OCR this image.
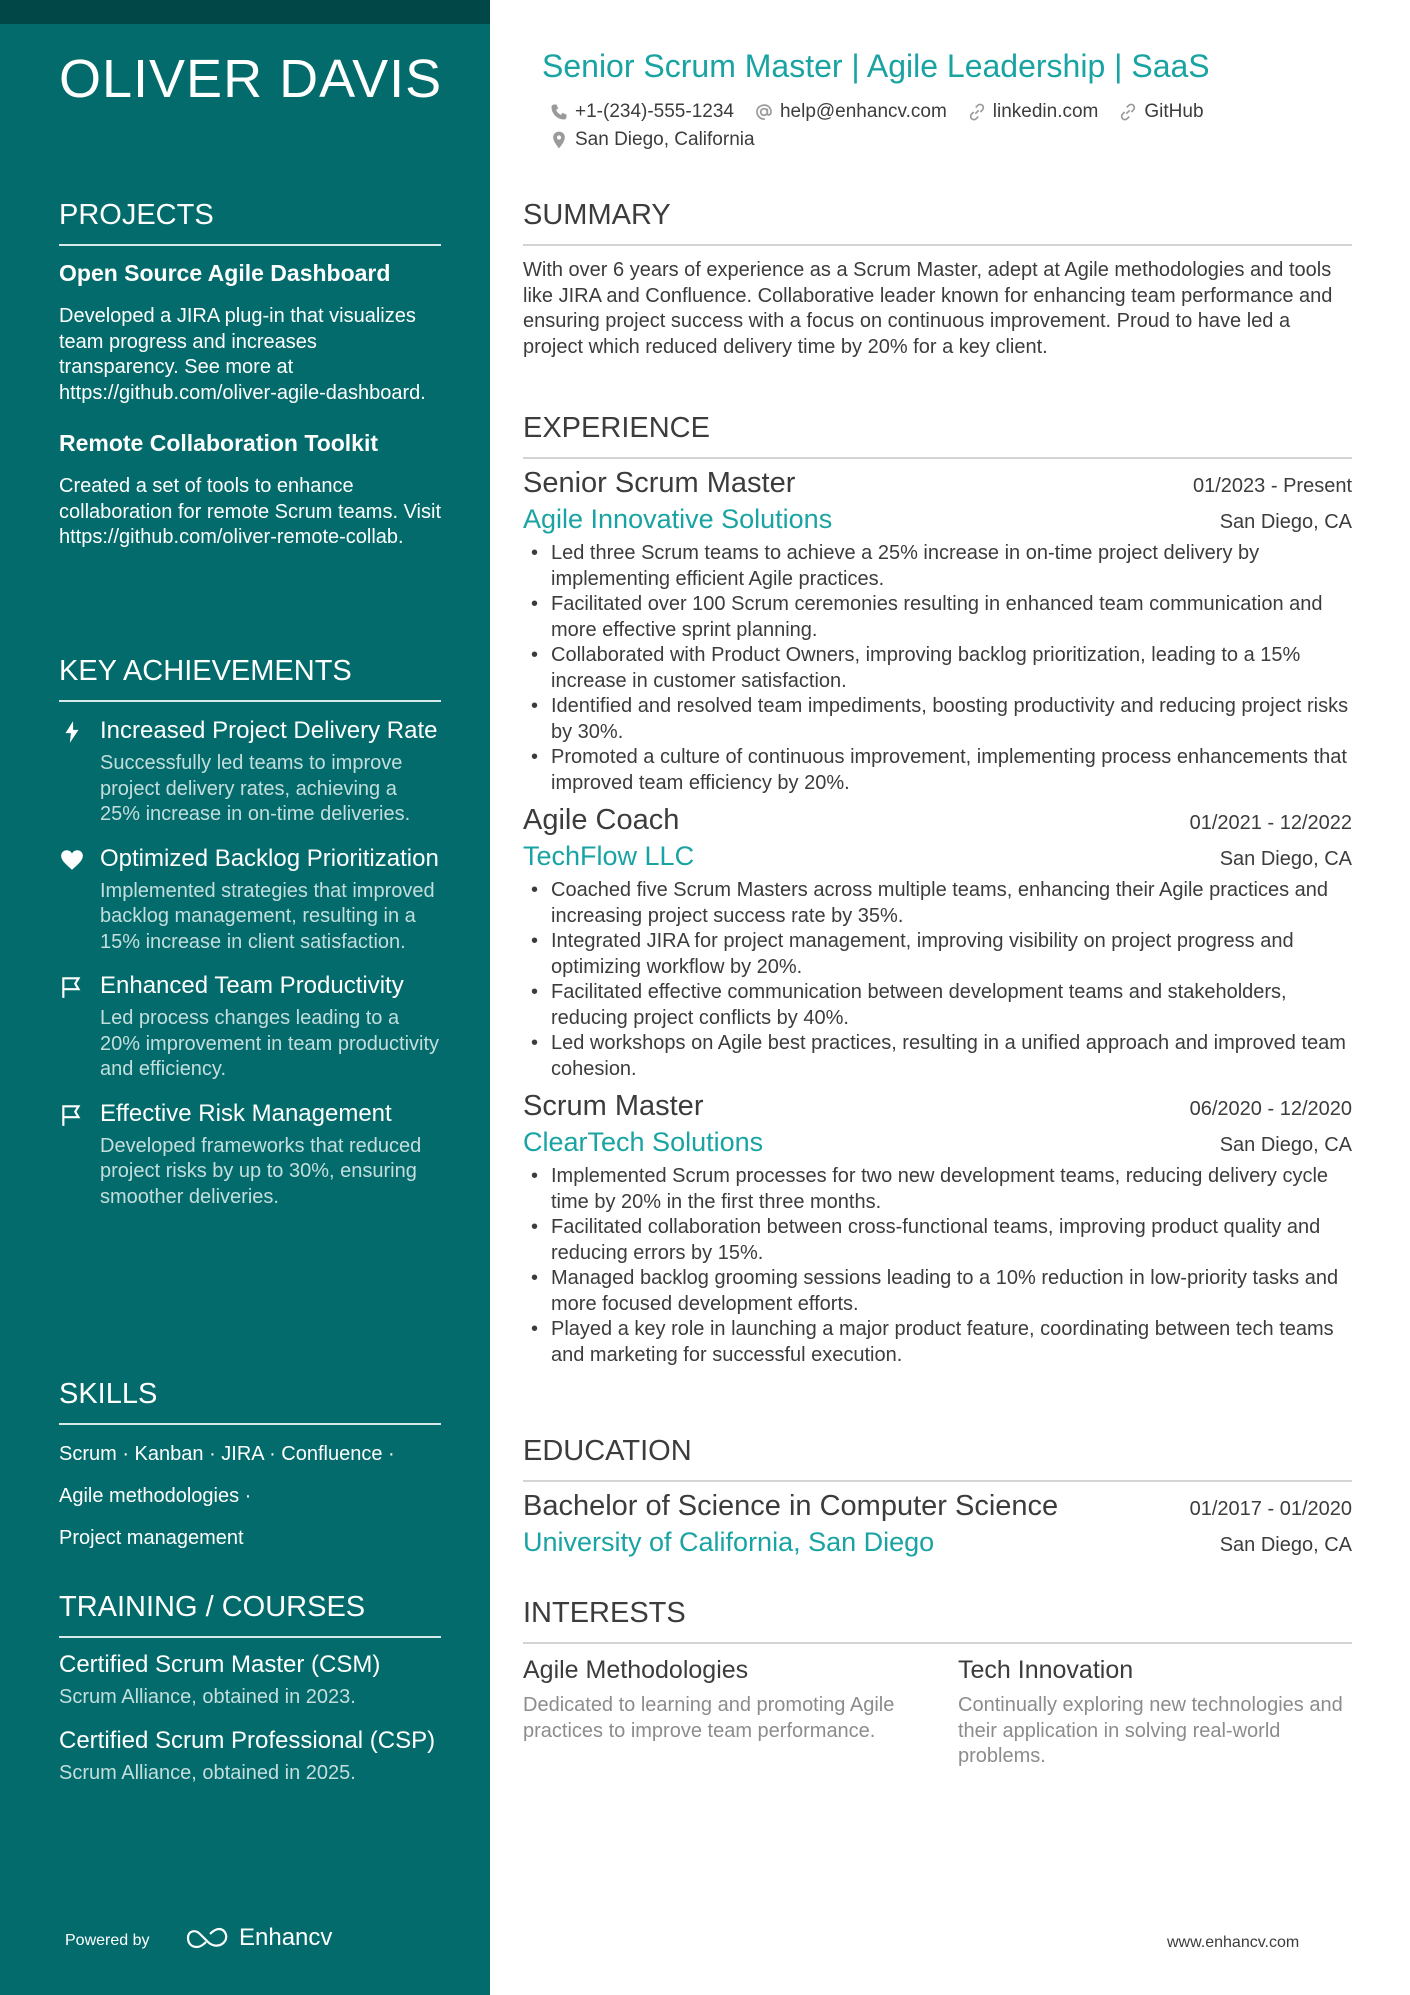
OLIVER DAVIS
PROJECTS
Open Source Agile Dashboard
Developed a JIRA plug-in that visualizes team progress and increases transparency. See more at https://github.com/oliver-agile-dashboard.
Remote Collaboration Toolkit
Created a set of tools to enhance collaboration for remote Scrum teams. Visit https://github.com/oliver-remote-collab.
KEY ACHIEVEMENTS
Increased Project Delivery Rate
Successfully led teams to improve project delivery rates, achieving a 25% increase in on-time deliveries.
Optimized Backlog Prioritization
Implemented strategies that improved backlog management, resulting in a 15% increase in client satisfaction.
Enhanced Team Productivity
Led process changes leading to a 20% improvement in team productivity and efficiency.
Effective Risk Management
Developed frameworks that reduced project risks by up to 30%, ensuring smoother deliveries.
SKILLS
Scrum · Kanban · JIRA · Confluence ·
Agile methodologies ·
Project management
TRAINING / COURSES
Certified Scrum Master (CSM)
Scrum Alliance, obtained in 2023.
Certified Scrum Professional (CSP)
Scrum Alliance, obtained in 2025.
Powered by	Enhancv
Senior Scrum Master | Agile Leadership | SaaS
+1-(234)-555-1234 help@enhancv.com linkedin.com GitHub
San Diego, California
SUMMARY
With over 6 years of experience as a Scrum Master, adept at Agile methodologies and tools like JIRA and Confluence. Collaborative leader known for enhancing team performance and ensuring project success with a focus on continuous improvement. Proud to have led a project which reduced delivery time by 20% for a key client.
EXPERIENCE
Senior Scrum Master	01/2023 - Present
Agile Innovative Solutions	San Diego, CA
• Led three Scrum teams to achieve a 25% increase in on-time project delivery by implementing efficient Agile practices.
• Facilitated over 100 Scrum ceremonies resulting in enhanced team communication and more effective sprint planning.
• Collaborated with Product Owners, improving backlog prioritization, leading to a 15% increase in customer satisfaction.
• Identified and resolved team impediments, boosting productivity and reducing project risks by 30%.
• Promoted a culture of continuous improvement, implementing process enhancements that improved team efficiency by 20%.
Agile Coach	01/2021 - 12/2022
TechFlow LLC	San Diego, CA
• Coached five Scrum Masters across multiple teams, enhancing their Agile practices and increasing project success rate by 35%.
• Integrated JIRA for project management, improving visibility on project progress and optimizing workflow by 20%.
• Facilitated effective communication between development teams and stakeholders, reducing project conflicts by 40%.
• Led workshops on Agile best practices, resulting in a unified approach and improved team cohesion.
Scrum Master	06/2020 - 12/2020
ClearTech Solutions	San Diego, CA
• Implemented Scrum processes for two new development teams, reducing delivery cycle time by 20% in the first three months.
• Facilitated collaboration between cross-functional teams, improving product quality and reducing errors by 15%.
• Managed backlog grooming sessions leading to a 10% reduction in low-priority tasks and more focused development efforts.
• Played a key role in launching a major product feature, coordinating between tech teams and marketing for successful execution.
EDUCATION
Bachelor of Science in Computer Science	01/2017 - 01/2020
University of California, San Diego	San Diego, CA
INTERESTS
Agile Methodologies
Dedicated to learning and promoting Agile practices to improve team performance.
Tech Innovation
Continually exploring new technologies and their application in solving real-world problems.
www.enhancv.com
